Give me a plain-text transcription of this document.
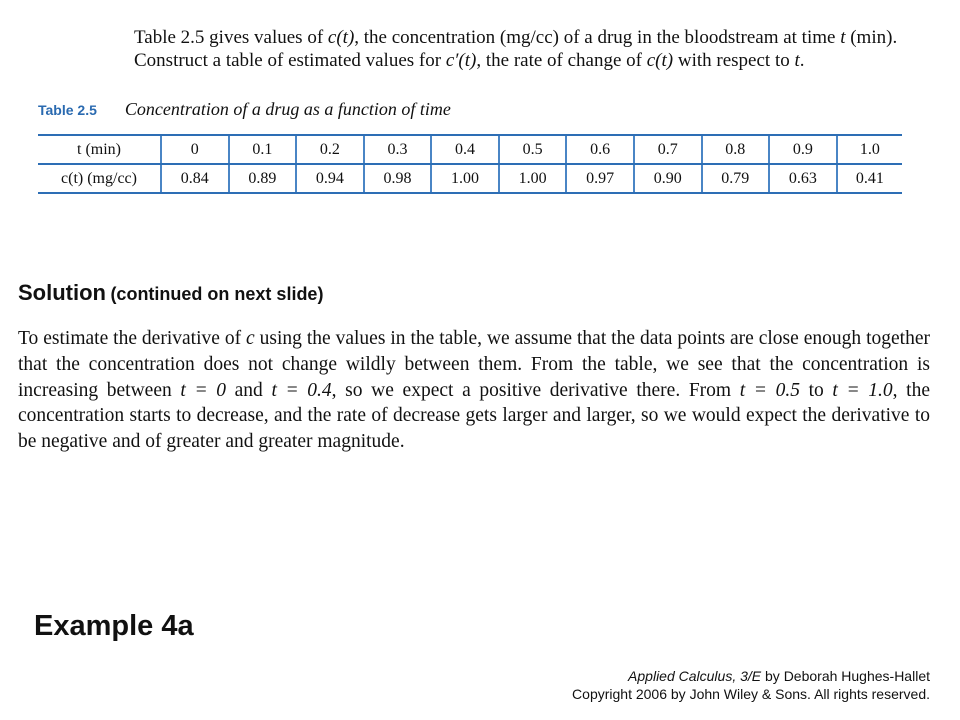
Table 2.5 gives values of c(t), the concentration (mg/cc) of a drug in the bloodstream at time t (min).
Construct a table of estimated values for c′(t), the rate of change of c(t) with respect to t.
Table 2.5 Concentration of a drug as a function of time
t (min)	0	0.1	0.2	0.3	0.4	0.5	0.6	0.7	0.8	0.9	1.0
c(t) (mg/cc)	0.84	0.89	0.94	0.98	1.00	1.00	0.97	0.90	0.79	0.63	0.41
Solution (continued on next slide)
To estimate the derivative of c using the values in the table, we assume that the data points are close enough together that the concentration does not change wildly between them. From the table, we see that the concentration is increasing between t = 0 and t = 0.4, so we expect a positive derivative there. From t = 0.5 to t = 1.0, the concentration starts to decrease, and the rate of decrease gets larger and larger, so we would expect the derivative to be negative and of greater and greater magnitude.
Example 4a
Applied Calculus, 3/E by Deborah Hughes-Hallet
Copyright 2006 by John Wiley & Sons. All rights reserved.
